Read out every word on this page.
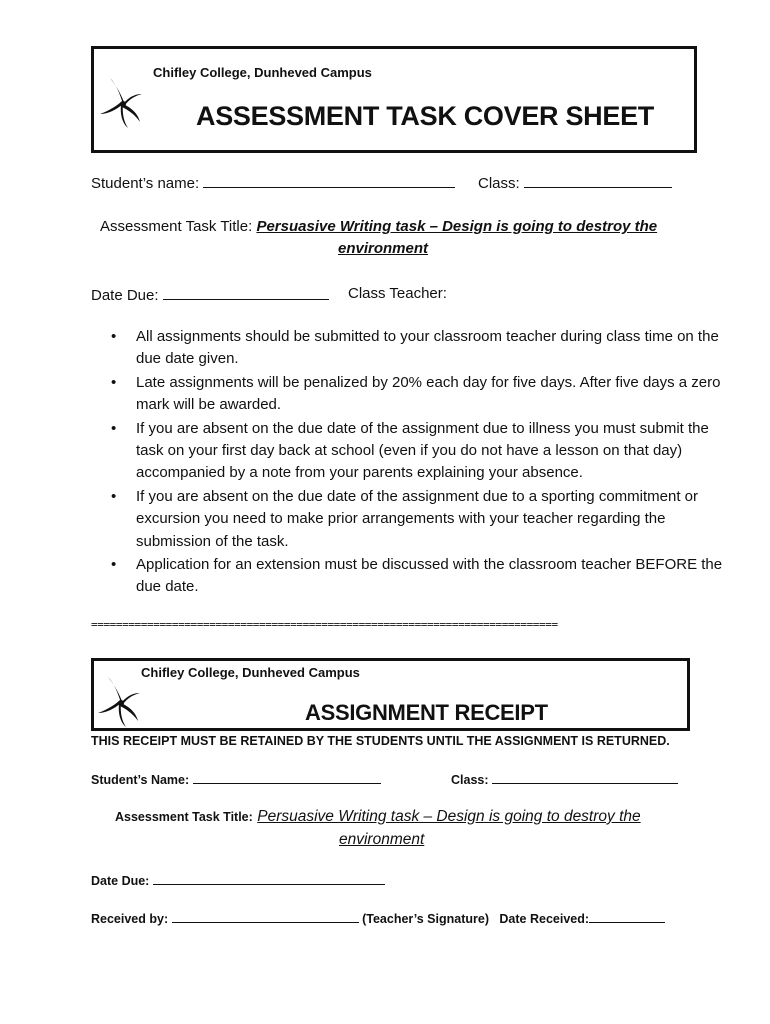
Chifley College, Dunheved Campus
ASSESSMENT TASK COVER SHEET
Student’s name:	Class:
Assessment Task Title: Persuasive Writing task – Design is going to destroy the
environment
Date Due:	Class Teacher:
• All assignments should be submitted to your classroom teacher during class time on the due date given.
• Late assignments will be penalized by 20% each day for five days. After five days a zero mark will be awarded.
• If you are absent on the due date of the assignment due to illness you must submit the task on your first day back at school (even if you do not have a lesson on that day) accompanied by a note from your parents explaining your absence.
• If you are absent on the due date of the assignment due to a sporting commitment or excursion you need to make prior arrangements with your teacher regarding the submission of the task.
• Application for an extension must be discussed with the classroom teacher BEFORE the due date.
===========================================================================
Chifley College, Dunheved Campus
ASSIGNMENT RECEIPT
THIS RECEIPT MUST BE RETAINED BY THE STUDENTS UNTIL THE ASSIGNMENT IS RETURNED.
Student’s Name:	Class:
Assessment Task Title: Persuasive Writing task – Design is going to destroy the
environment
Date Due:
Received by:	(Teacher’s Signature) Date Received:
